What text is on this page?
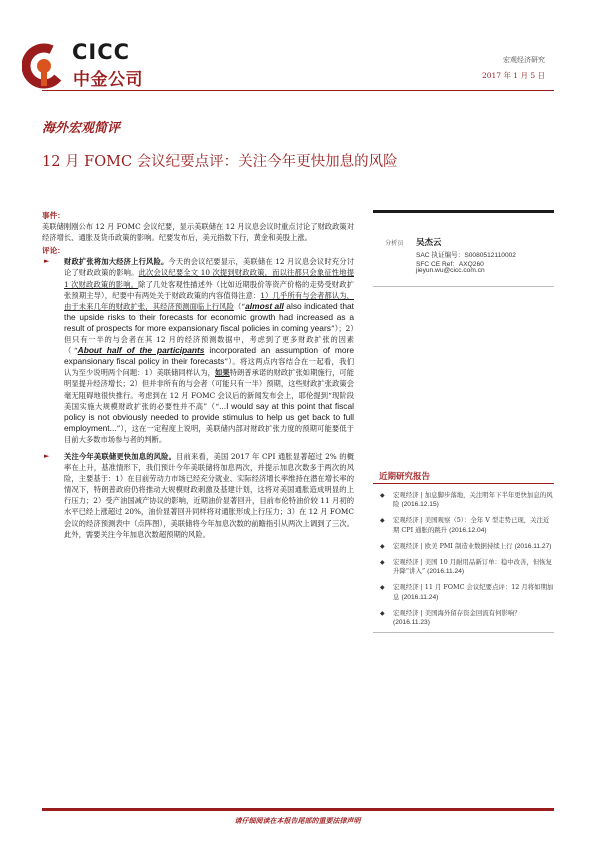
CICC
中金公司
宏观经济研究
2017 年 1 月 5 日
海外宏观简评
12 月 FOMC 会议纪要点评：关注今年更快加息的风险
事件：

美联储刚刚公布 12 月 FOMC 会议纪要，显示美联储在 12 月议息会议时重点讨论了财政政策对经济增长、通胀及货币政策的影响。纪要发布后，美元指数下行，黄金和美股上涨。

评论：

► 财政扩张将加大经济上行风险。今天的会议纪要显示，美联储在 12 月议息会议时充分讨论了财政政策的影响。此次会议纪要全文 10 次提到财政政策，而以往都只会象征性地提 1 次财政政策的影响。除了几处客观性描述外（比如近期股价等资产价格的走势受财政扩张预期主导），纪要中有两处关于财政政策的内容值得注意：1）几乎所有与会者都认为，由于未来几年的财政扩张，其经济预测面临上行风险（“almost all also indicated that the upside risks to their forecasts for economic growth had increased as a result of prospects for more expansionary fiscal policies in coming years”）；2）但只有一半的与会者在其 12 月的经济预测数据中，考虑到了更多财政扩张的因素（“About half of the participants incorporated an assumption of more expansionary fiscal policy in their forecasts”）。将这两点内容结合在一起看，我们认为至少说明两个问题：1）美联储同样认为，如果特朗普承诺的财政扩张如期施行，可能明显提升经济增长；2）但并非所有的与会者（可能只有一半）预期，这些财政扩张政策会毫无阻碍地很快推行。考虑到在 12 月 FOMC 会议后的新闻发布会上，耶伦提到“现阶段美国实施大规模财政扩张的必要性并不高”（“...I would say at this point that fiscal policy is not obviously needed to provide stimulus to help us get back to full employment...”），这在一定程度上说明，美联储内部对财政扩张力度的预期可能要低于目前大多数市场参与者的判断。

► 关注今年美联储更快加息的风险。目前来看，美国 2017 年 CPI 通胀显著超过 2% 的概率在上升，基准情形下，我们预计今年美联储将加息两次，并提示加息次数多于两次的风险，主要基于：1）在目前劳动力市场已经充分就业、实际经济增长率维持在潜在增长率的情况下，特朗普政府仍将推动大规模财政刺激及基建计划，这将对美国通胀造成明显的上行压力；2）受产油国减产协议的影响，近期油价显著回升，目前布伦特油价较 11 月初的水平已经上涨超过 20%，油价显著回升同样将对通胀形成上行压力；3）在 12 月 FOMC 会议的经济预测表中（点阵图），美联储将今年加息次数的前瞻指引从两次上调到了三次。此外，需要关注今年加息次数超预期的风险。

分析员 吴杰云
SAC 执证编号：S0080512110002
SFC CE Ref：AXQ260
jieyun.wu@cicc.com.cn
近期研究报告
◆ 宏观经济 | 加息脚步落地，关注明年下半年更快加息的风险 (2016.12.15)
◆ 宏观经济 | 美国观察（5）：全年 V 型走势已现，关注近期 CPI 通胀的跳升 (2016.12.04)
◆ 宏观经济 | 欧美 PMI 制造业数据持续上行 (2016.11.27)
◆ 宏观经济 | 美国 10 月耐用品新订单：稳中改善，但恢复升降“讲入” (2016.11.24)
◆ 宏观经济 | 11 月 FOMC 会议纪要点评：12 月将如期加息 (2016.11.24)
◆ 宏观经济 | 美国海外留存资金回流有何影响？ (2016.11.23)
请仔细阅读在本报告尾部的重要法律声明
